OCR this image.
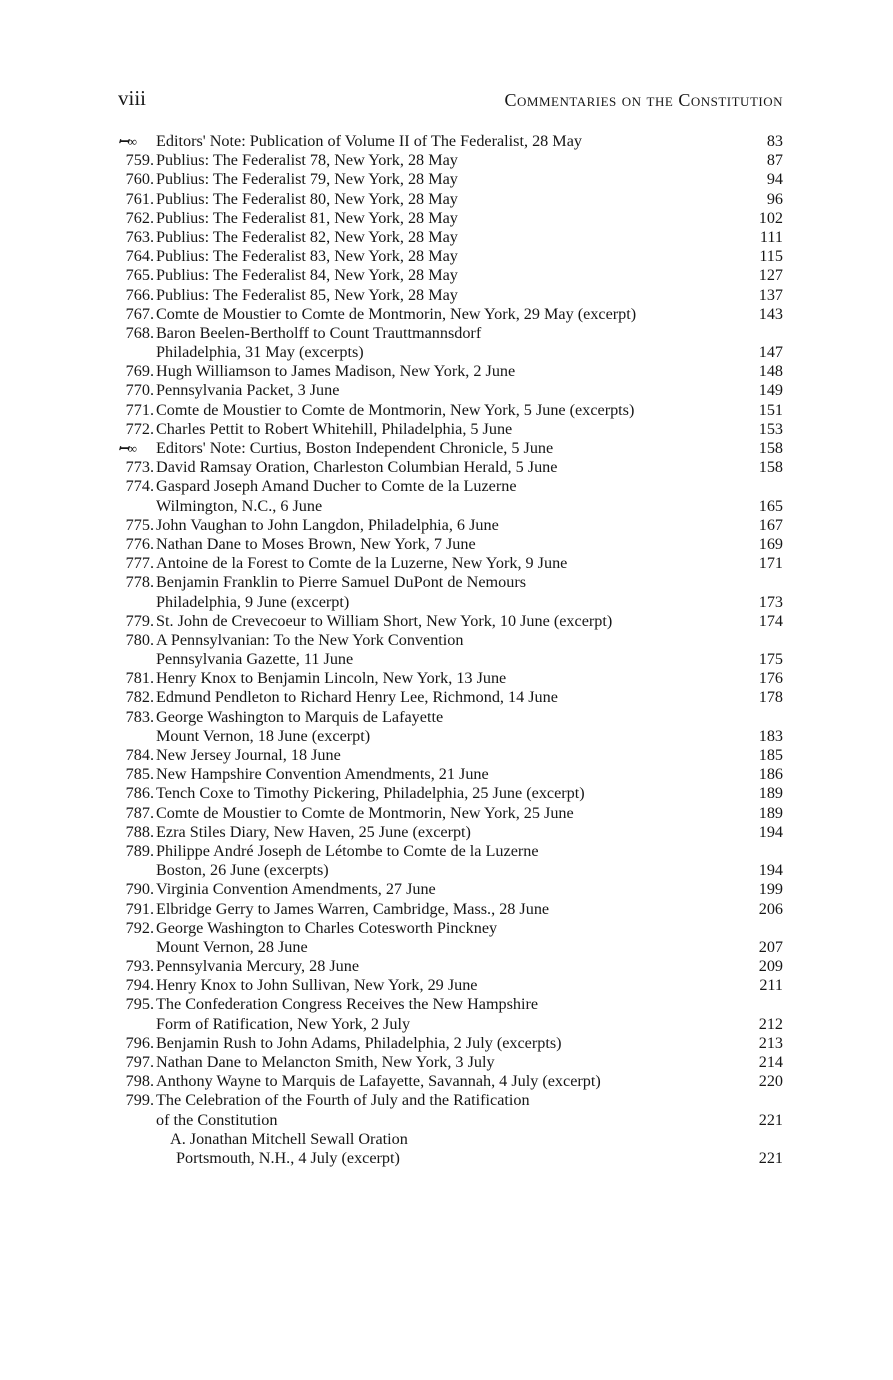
viii	Commentaries on the Constitution
ꟷ∞ Editors' Note: Publication of Volume II of The Federalist, 28 May	83
759. Publius: The Federalist 78, New York, 28 May	87
760. Publius: The Federalist 79, New York, 28 May	94
761. Publius: The Federalist 80, New York, 28 May	96
762. Publius: The Federalist 81, New York, 28 May	102
763. Publius: The Federalist 82, New York, 28 May	111
764. Publius: The Federalist 83, New York, 28 May	115
765. Publius: The Federalist 84, New York, 28 May	127
766. Publius: The Federalist 85, New York, 28 May	137
767. Comte de Moustier to Comte de Montmorin, New York, 29 May (excerpt)	143
768. Baron Beelen-Bertholff to Count Trauttmannsdorf
Philadelphia, 31 May (excerpts)	147
769. Hugh Williamson to James Madison, New York, 2 June	148
770. Pennsylvania Packet, 3 June	149
771. Comte de Moustier to Comte de Montmorin, New York, 5 June (excerpts)	151
772. Charles Pettit to Robert Whitehill, Philadelphia, 5 June	153
ꟷ∞ Editors' Note: Curtius, Boston Independent Chronicle, 5 June	158
773. David Ramsay Oration, Charleston Columbian Herald, 5 June	158
774. Gaspard Joseph Amand Ducher to Comte de la Luzerne
Wilmington, N.C., 6 June	165
775. John Vaughan to John Langdon, Philadelphia, 6 June	167
776. Nathan Dane to Moses Brown, New York, 7 June	169
777. Antoine de la Forest to Comte de la Luzerne, New York, 9 June	171
778. Benjamin Franklin to Pierre Samuel DuPont de Nemours
Philadelphia, 9 June (excerpt)	173
779. St. John de Crevecoeur to William Short, New York, 10 June (excerpt)	174
780. A Pennsylvanian: To the New York Convention
Pennsylvania Gazette, 11 June	175
781. Henry Knox to Benjamin Lincoln, New York, 13 June	176
782. Edmund Pendleton to Richard Henry Lee, Richmond, 14 June	178
783. George Washington to Marquis de Lafayette
Mount Vernon, 18 June (excerpt)	183
784. New Jersey Journal, 18 June	185
785. New Hampshire Convention Amendments, 21 June	186
786. Tench Coxe to Timothy Pickering, Philadelphia, 25 June (excerpt)	189
787. Comte de Moustier to Comte de Montmorin, New York, 25 June	189
788. Ezra Stiles Diary, New Haven, 25 June (excerpt)	194
789. Philippe André Joseph de Létombe to Comte de la Luzerne
Boston, 26 June (excerpts)	194
790. Virginia Convention Amendments, 27 June	199
791. Elbridge Gerry to James Warren, Cambridge, Mass., 28 June	206
792. George Washington to Charles Cotesworth Pinckney
Mount Vernon, 28 June	207
793. Pennsylvania Mercury, 28 June	209
794. Henry Knox to John Sullivan, New York, 29 June	211
795. The Confederation Congress Receives the New Hampshire
Form of Ratification, New York, 2 July	212
796. Benjamin Rush to John Adams, Philadelphia, 2 July (excerpts)	213
797. Nathan Dane to Melancton Smith, New York, 3 July	214
798. Anthony Wayne to Marquis de Lafayette, Savannah, 4 July (excerpt)	220
799. The Celebration of the Fourth of July and the Ratification
of the Constitution	221
A. Jonathan Mitchell Sewall Oration
Portsmouth, N.H., 4 July (excerpt)	221
